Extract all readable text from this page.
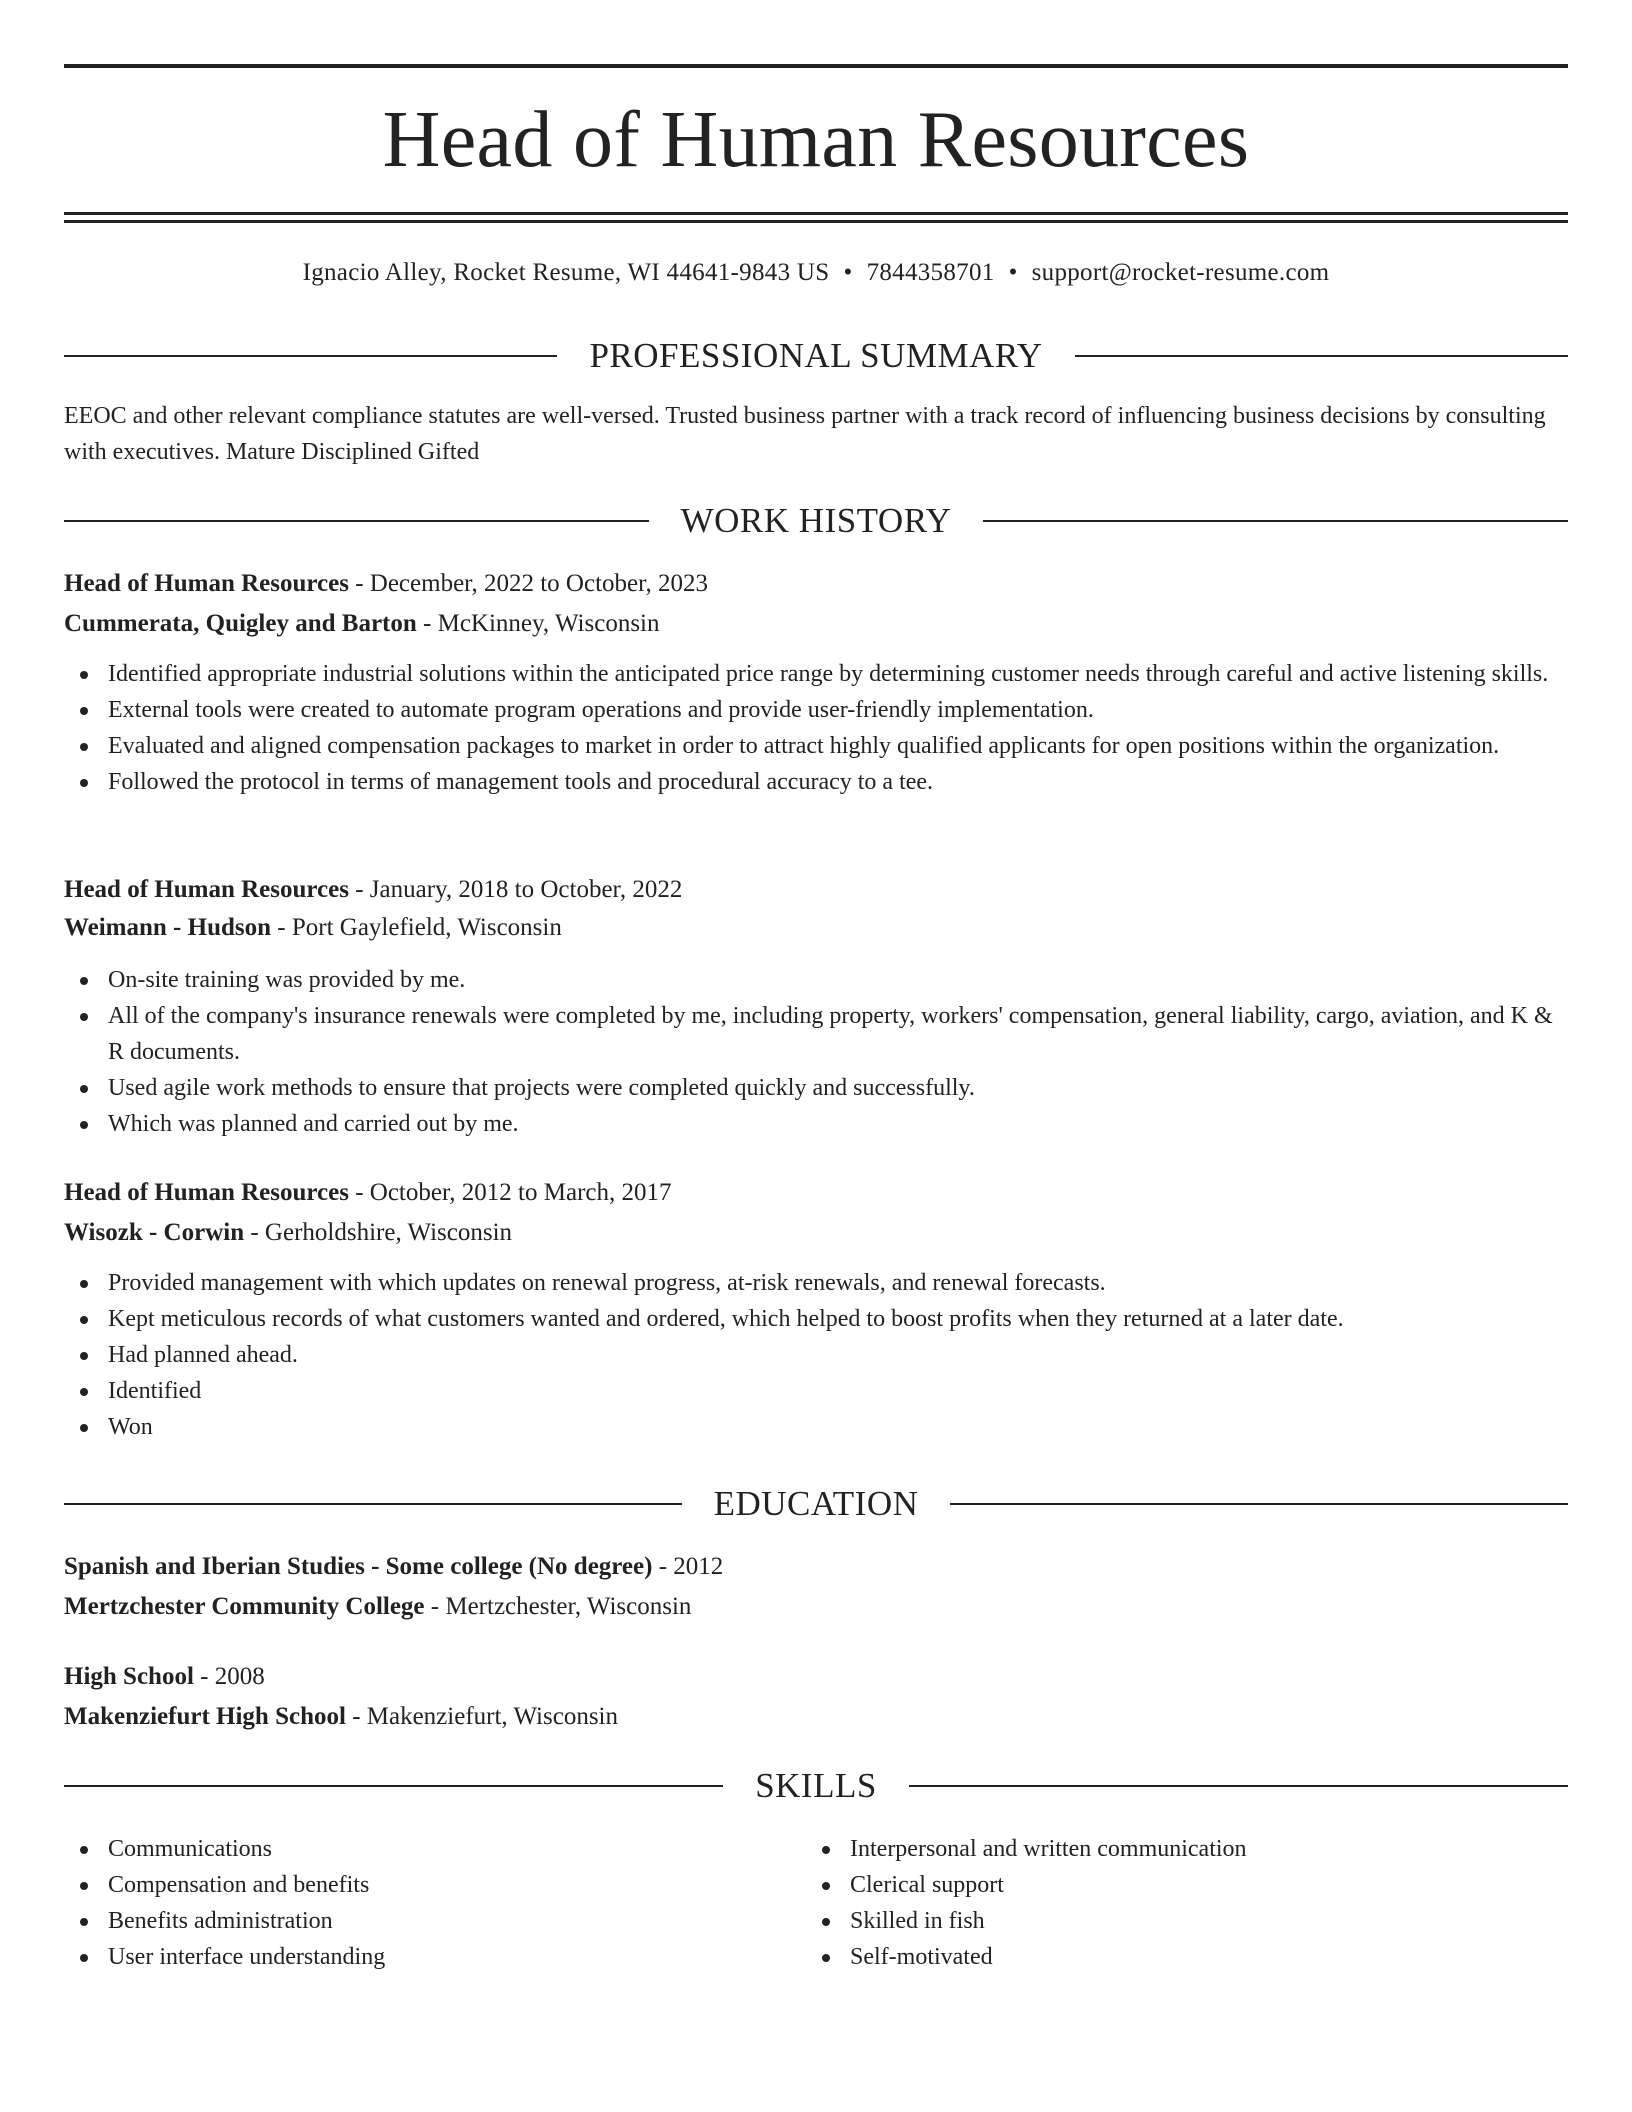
Head of Human Resources
Ignacio Alley, Rocket Resume, WI 44641-9843 US • 7844358701 • support@rocket-resume.com
PROFESSIONAL SUMMARY
EEOC and other relevant compliance statutes are well-versed. Trusted business partner with a track record of influencing business decisions by consulting with executives. Mature Disciplined Gifted
WORK HISTORY
Head of Human Resources - December, 2022 to October, 2023
Cummerata, Quigley and Barton - McKinney, Wisconsin
Identified appropriate industrial solutions within the anticipated price range by determining customer needs through careful and active listening skills.
External tools were created to automate program operations and provide user-friendly implementation.
Evaluated and aligned compensation packages to market in order to attract highly qualified applicants for open positions within the organization.
Followed the protocol in terms of management tools and procedural accuracy to a tee.
Head of Human Resources - January, 2018 to October, 2022
Weimann - Hudson - Port Gaylefield, Wisconsin
On-site training was provided by me.
All of the company's insurance renewals were completed by me, including property, workers' compensation, general liability, cargo, aviation, and K & R documents.
Used agile work methods to ensure that projects were completed quickly and successfully.
Which was planned and carried out by me.
Head of Human Resources - October, 2012 to March, 2017
Wisozk - Corwin - Gerholdshire, Wisconsin
Provided management with which updates on renewal progress, at-risk renewals, and renewal forecasts.
Kept meticulous records of what customers wanted and ordered, which helped to boost profits when they returned at a later date.
Had planned ahead.
Identified
Won
EDUCATION
Spanish and Iberian Studies - Some college (No degree) - 2012
Mertzchester Community College - Mertzchester, Wisconsin
High School - 2008
Makenziefurt High School - Makenziefurt, Wisconsin
SKILLS
Communications
Compensation and benefits
Benefits administration
User interface understanding
Interpersonal and written communication
Clerical support
Skilled in fish
Self-motivated
